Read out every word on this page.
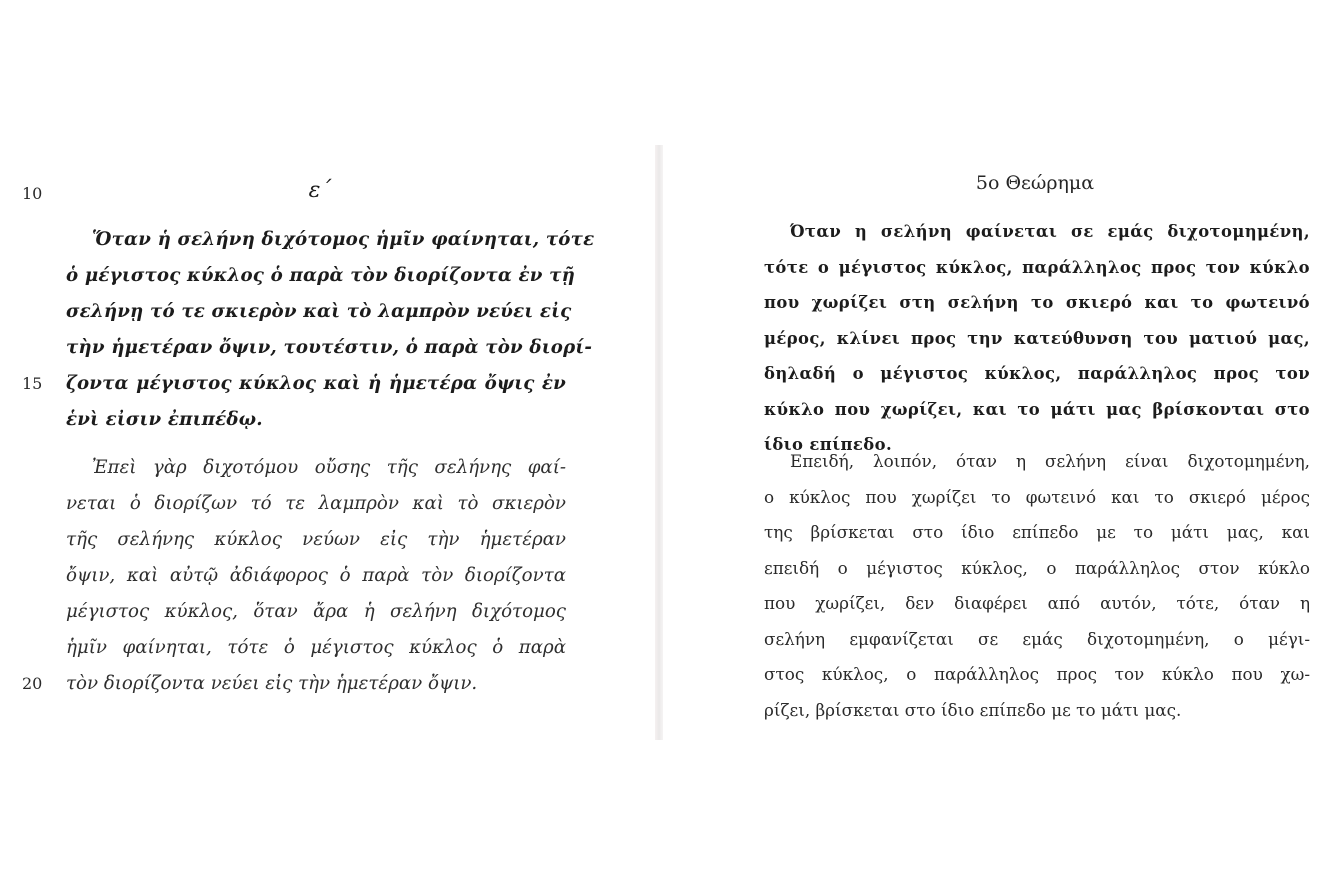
10
15
20
ε΄
Ὅταν ἡ σελήνη διχότομος ἡμῖν φαίνηται, τότε
ὁ μέγιστος κύκλος ὁ παρὰ τὸν διορίζοντα ἐν τῇ
σελήνῃ τό τε σκιερὸν καὶ τὸ λαμπρὸν νεύει εἰς
τὴν ἡμετέραν ὄψιν, τουτέστιν, ὁ παρὰ τὸν διορί-
ζοντα μέγιστος κύκλος καὶ ἡ ἡμετέρα ὄψις ἐν
ἑνὶ εἰσιν ἐπιπέδῳ.
Ἐπεὶ γὰρ διχοτόμου οὔσης τῆς σελήνης φαί-
νεται ὁ διορίζων τό τε λαμπρὸν καὶ τὸ σκιερὸν
τῆς σελήνης κύκλος νεύων εἰς τὴν ἡμετέραν
ὄψιν, καὶ αὐτῷ ἀδιάφορος ὁ παρὰ τὸν διορίζοντα
μέγιστος κύκλος, ὅταν ἄρα ἡ σελήνη διχότομος
ἡμῖν φαίνηται, τότε ὁ μέγιστος κύκλος ὁ παρὰ
τὸν διορίζοντα νεύει εἰς τὴν ἡμετέραν ὄψιν.
5ο Θεώρημα
Όταν η σελήνη φαίνεται σε εμάς διχοτομημένη,
τότε ο μέγιστος κύκλος, παράλληλος προς τον κύκλο
που χωρίζει στη σελήνη το σκιερό και το φωτεινό
μέρος, κλίνει προς την κατεύθυνση του ματιού μας,
δηλαδή ο μέγιστος κύκλος, παράλληλος προς τον
κύκλο που χωρίζει, και το μάτι μας βρίσκονται στο
ίδιο επίπεδο.
Επειδή, λοιπόν, όταν η σελήνη είναι διχοτομημένη,
ο κύκλος που χωρίζει το φωτεινό και το σκιερό μέρος
της βρίσκεται στο ίδιο επίπεδο με το μάτι μας, και
επειδή ο μέγιστος κύκλος, ο παράλληλος στον κύκλο
που χωρίζει, δεν διαφέρει από αυτόν, τότε, όταν η
σελήνη εμφανίζεται σε εμάς διχοτομημένη, ο μέγι-
στος κύκλος, ο παράλληλος προς τον κύκλο που χω-
ρίζει, βρίσκεται στο ίδιο επίπεδο με το μάτι μας.
